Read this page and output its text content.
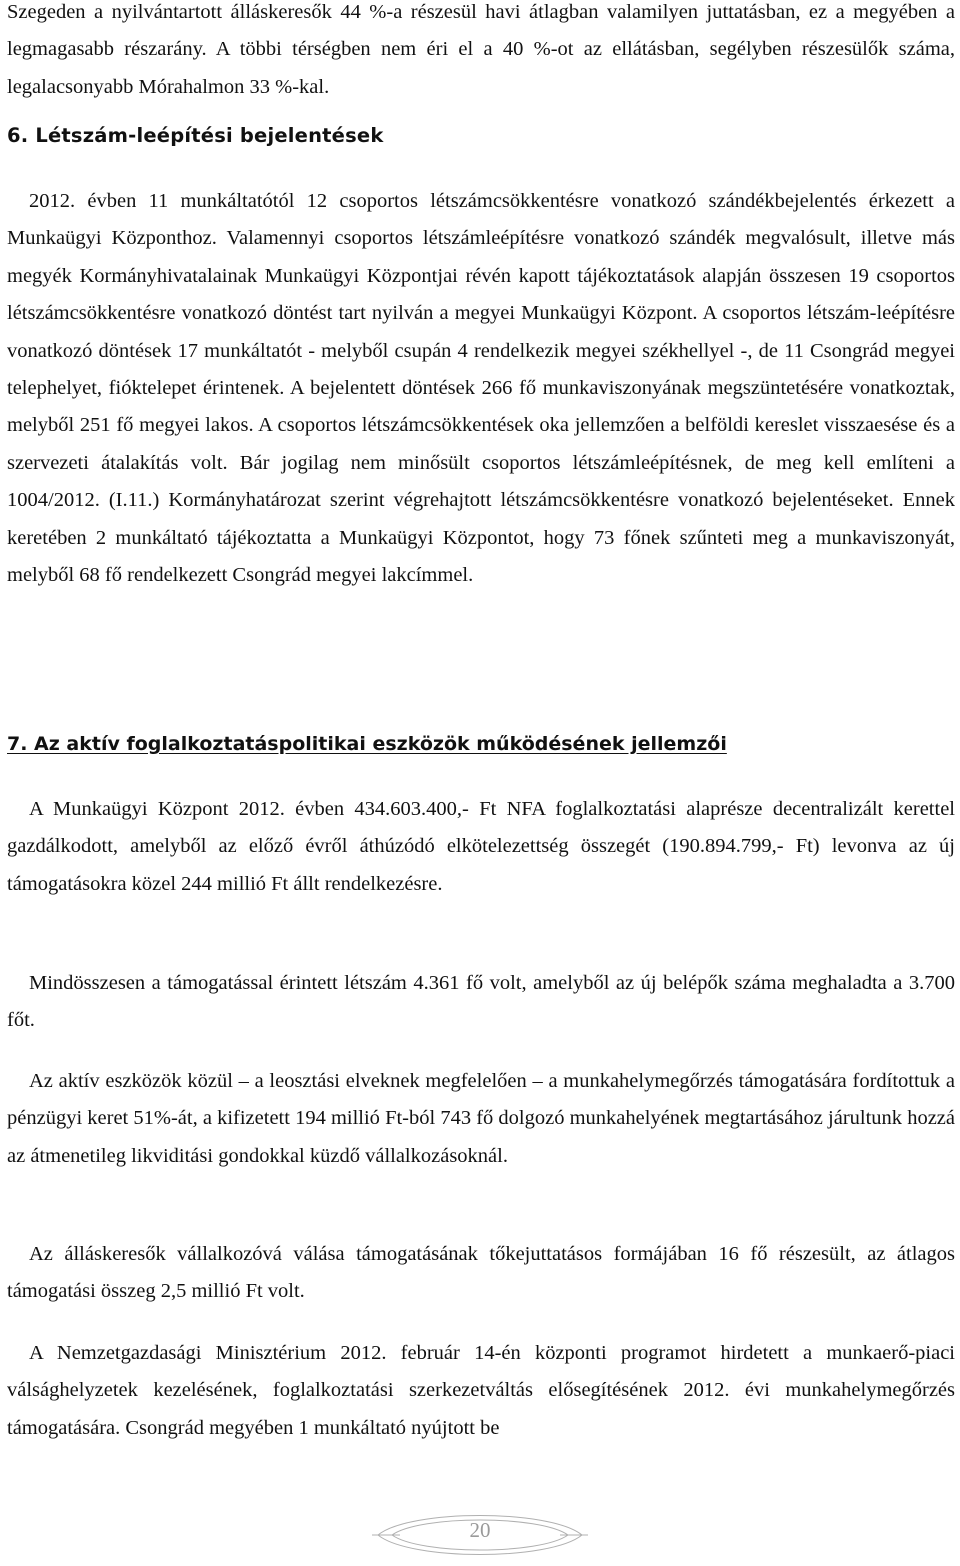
Szegeden a nyilvántartott álláskeresők 44 %-a részesül havi átlagban valamilyen juttatásban, ez a megyében a legmagasabb részarány. A többi térségben nem éri el a 40 %-ot az ellátásban, segélyben részesülők száma, legalacsonyabb Mórahalmon 33 %-kal.

6. Létszám-leépítési bejelentések

2012. évben 11 munkáltatótól 12 csoportos létszámcsökkentésre vonatkozó szándékbejelentés érkezett a Munkaügyi Központhoz. Valamennyi csoportos létszámleépítésre vonatkozó szándék megvalósult, illetve más megyék Kormányhivatalainak Munkaügyi Központjai révén kapott tájékoztatások alapján összesen 19 csoportos létszámcsökkentésre vonatkozó döntést tart nyilván a megyei Munkaügyi Központ. A csoportos létszám-leépítésre vonatkozó döntések 17 munkáltatót - melyből csupán 4 rendelkezik megyei székhellyel -, de 11 Csongrád megyei telephelyet, fióktelepet érintenek. A bejelentett döntések 266 fő munkaviszonyának megszüntetésére vonatkoztak, melyből 251 fő megyei lakos. A csoportos létszámcsökkentések oka jellemzően a belföldi kereslet visszaesése és a szervezeti átalakítás volt. Bár jogilag nem minősült csoportos létszámleépítésnek, de meg kell említeni a 1004/2012. (I.11.) Kormányhatározat szerint végrehajtott létszámcsökkentésre vonatkozó bejelentéseket. Ennek keretében 2 munkáltató tájékoztatta a Munkaügyi Központot, hogy 73 főnek szűnteti meg a munkaviszonyát, melyből 68 fő rendelkezett Csongrád megyei lakcímmel.

7. Az aktív foglalkoztatáspolitikai eszközök működésének jellemzői

A Munkaügyi Központ 2012. évben 434.603.400,- Ft NFA foglalkoztatási alaprésze decentralizált kerettel gazdálkodott, amelyből az előző évről áthúzódó elkötelezettség összegét (190.894.799,- Ft) levonva az új támogatásokra közel 244 millió Ft állt rendelkezésre.

Mindösszesen a támogatással érintett létszám 4.361 fő volt, amelyből az új belépők száma meghaladta a 3.700 főt.

Az aktív eszközök közül – a leosztási elveknek megfelelően – a munkahelymegőrzés támogatására fordítottuk a pénzügyi keret 51%-át, a kifizetett 194 millió Ft-ból 743 fő dolgozó munkahelyének megtartásához járultunk hozzá az átmenetileg likviditási gondokkal küzdő vállalkozásoknál.

Az álláskeresők vállalkozóvá válása támogatásának tőkejuttatásos formájában 16 fő részesült, az átlagos támogatási összeg 2,5 millió Ft volt.

A Nemzetgazdasági Minisztérium 2012. február 14-én központi programot hirdetett a munkaerő-piaci válsághelyzetek kezelésének, foglalkoztatási szerkezetváltás elősegítésének 2012. évi munkahelymegőrzés támogatására. Csongrád megyében 1 munkáltató nyújtott be

20
